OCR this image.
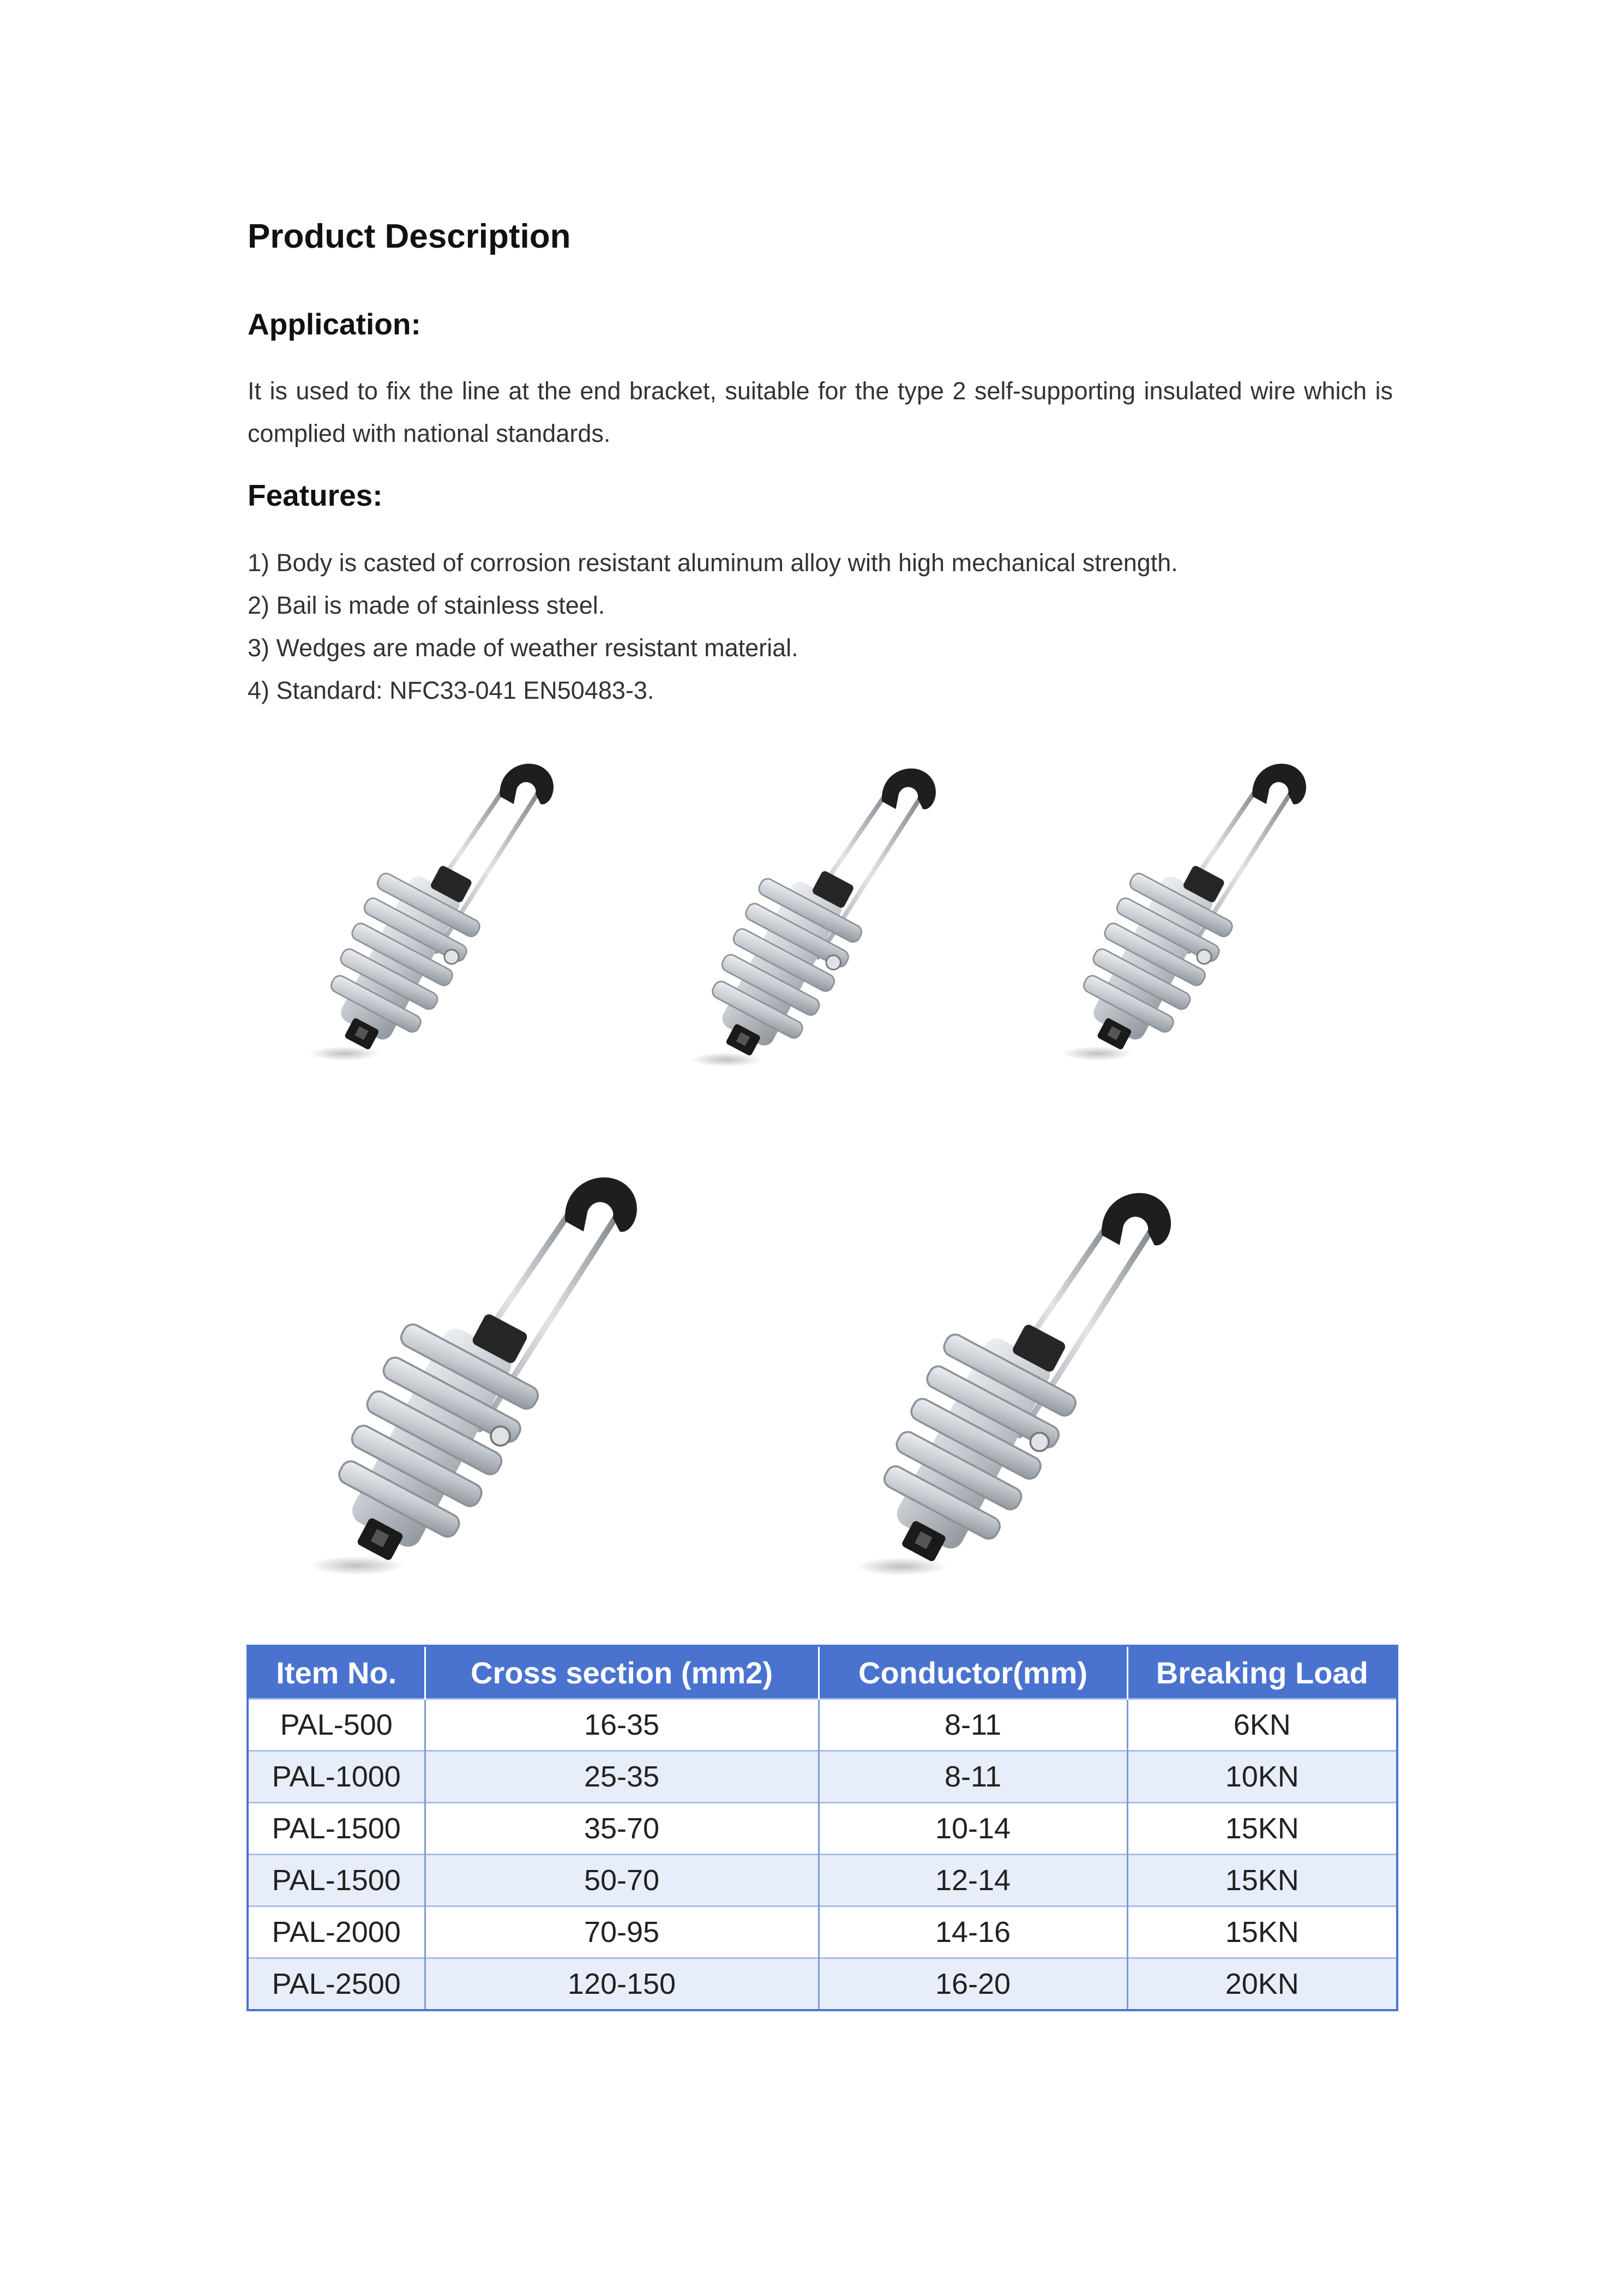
Product Description
Application:
It is used to fix the line at the end bracket, suitable for the type 2 self-supporting insulated wire which is complied with national standards.
Features:
1) Body is casted of corrosion resistant aluminum alloy with high mechanical strength.
2) Bail is made of stainless steel.
3) Wedges are made of weather resistant material.
4) Standard: NFC33-041 EN50483-3.
Item No.	Cross section (mm2)	Conductor(mm)	Breaking Load
PAL-500	16-35	8-11	6KN
PAL-1000	25-35	8-11	10KN
PAL-1500	35-70	10-14	15KN
PAL-1500	50-70	12-14	15KN
PAL-2000	70-95	14-16	15KN
PAL-2500	120-150	16-20	20KN
